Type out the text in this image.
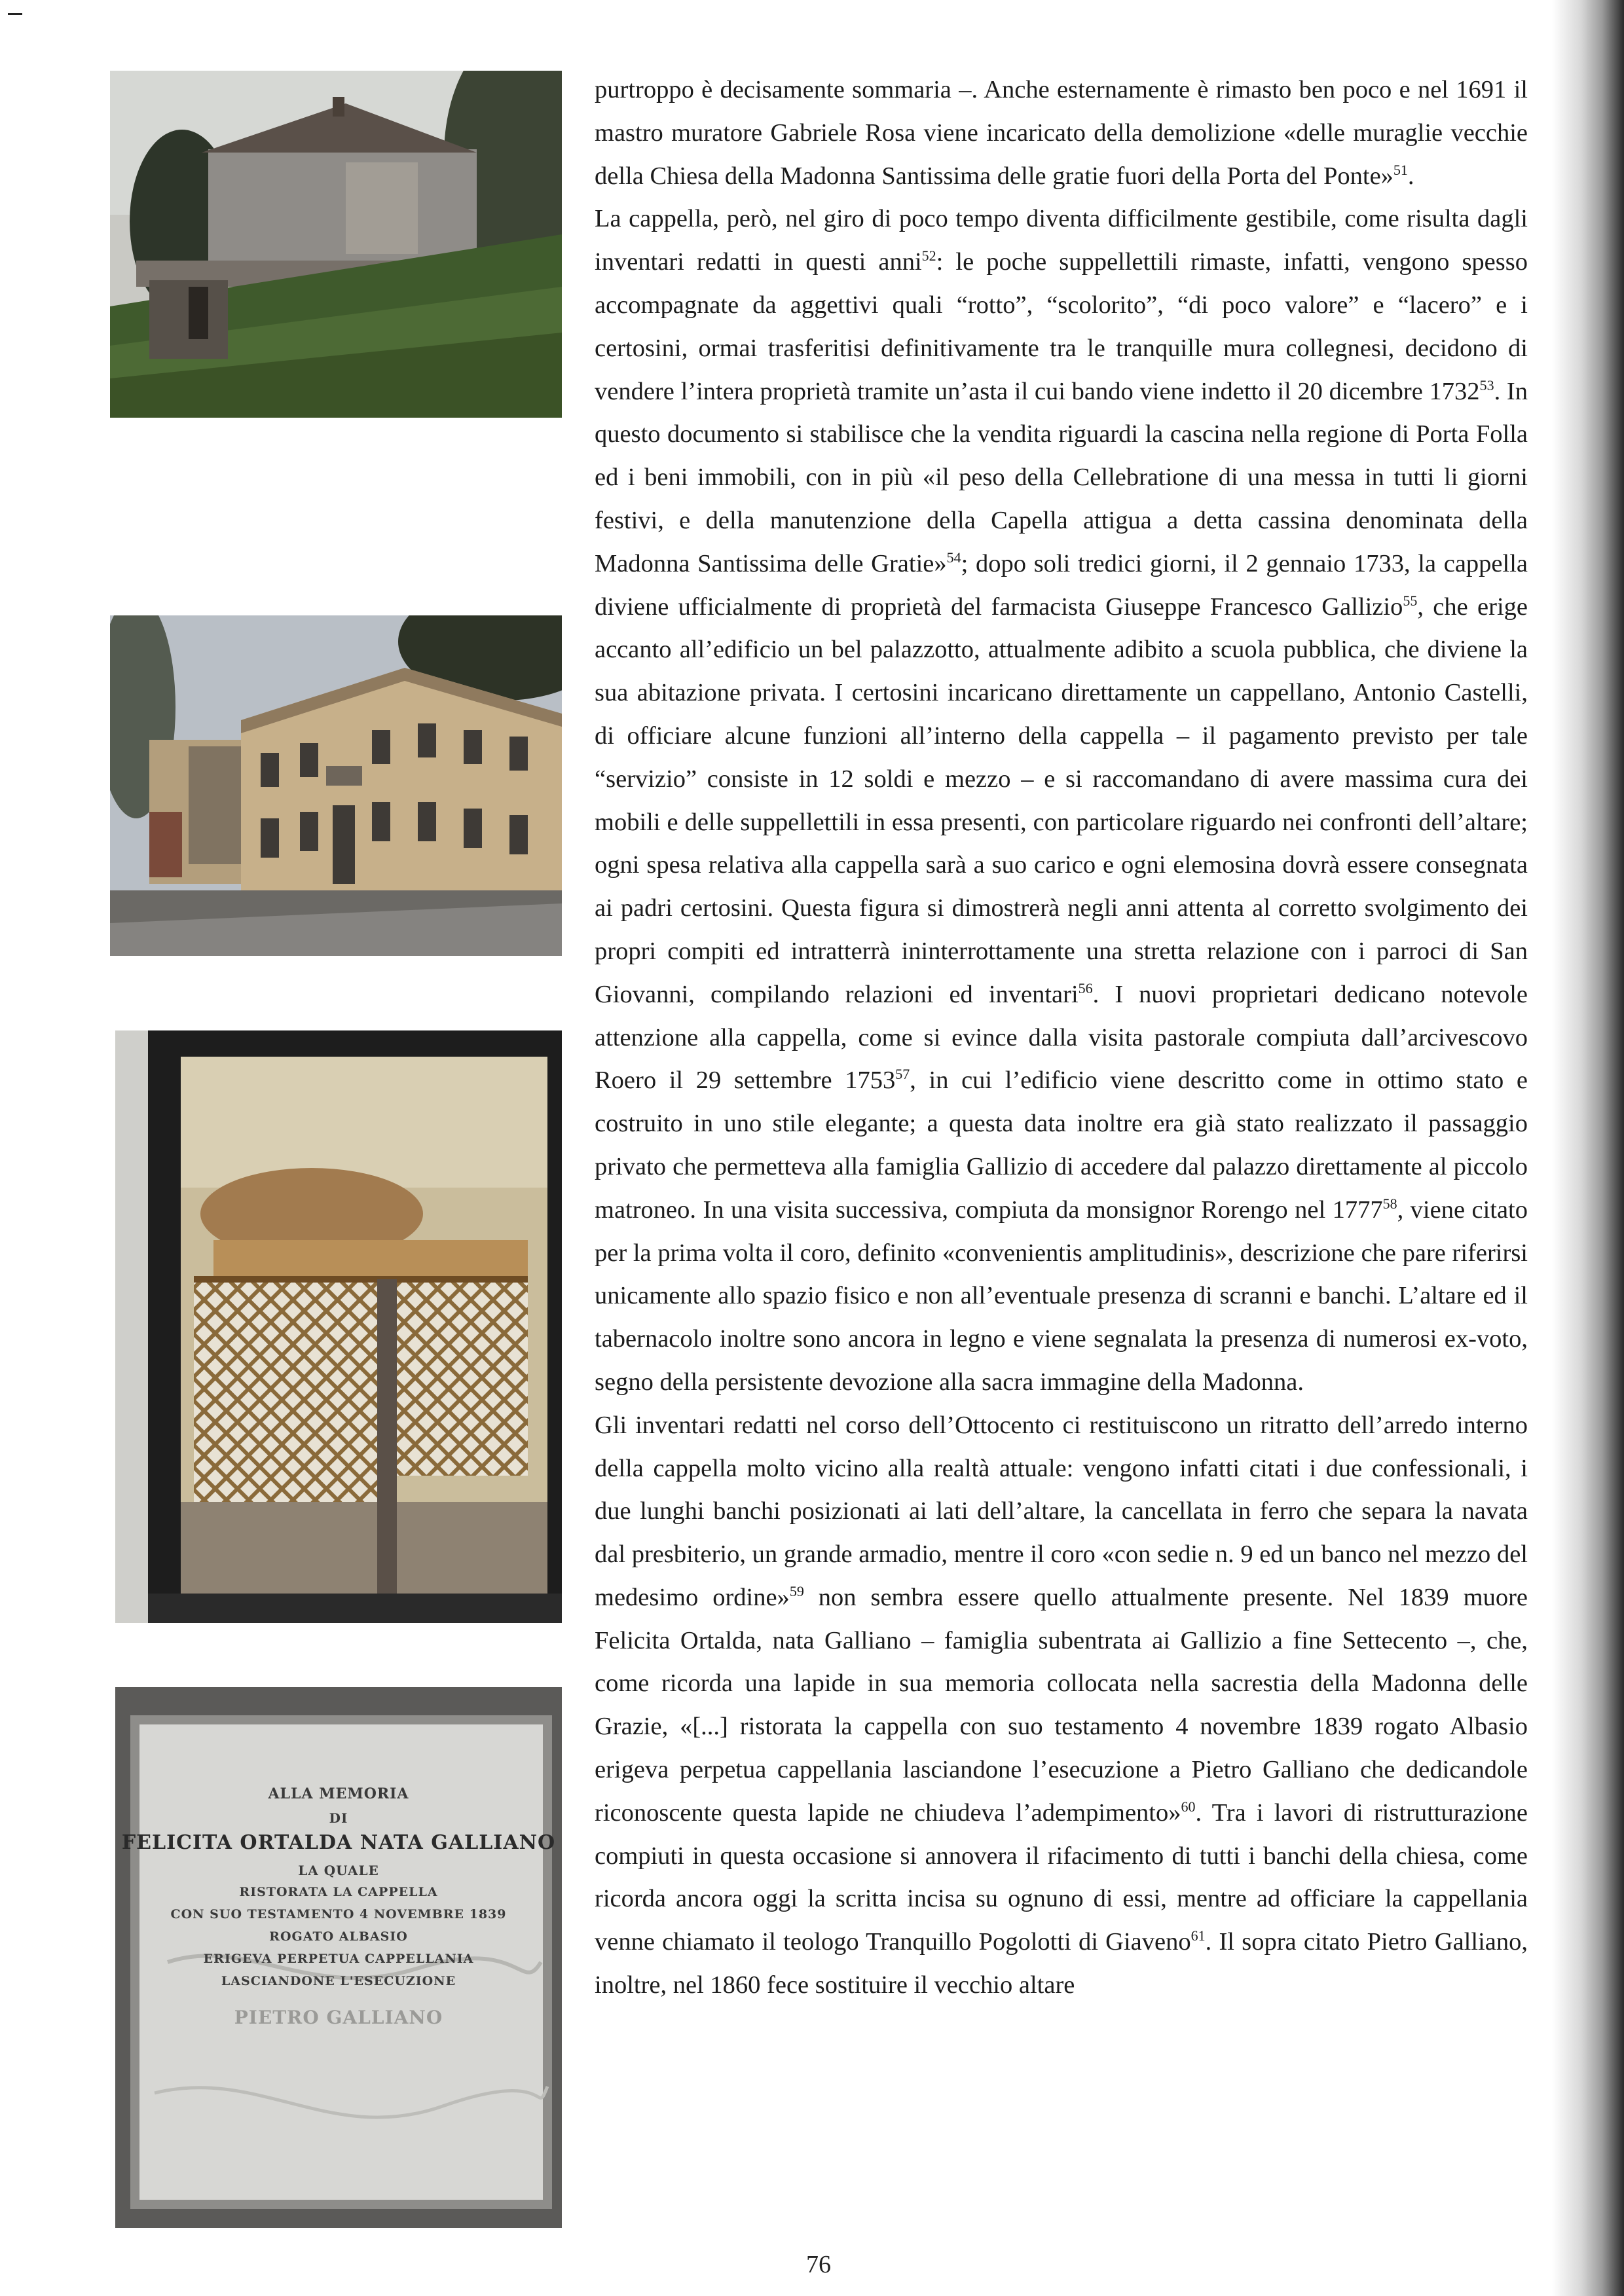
ALLA MEMORIA
DI
FELICITA ORTALDA NATA GALLIANO
LA QUALE
RISTORATA LA CAPPELLA
CON SUO TESTAMENTO 4 NOVEMBRE 1839
ROGATO ALBASIO
ERIGEVA PERPETUA CAPPELLANIA
LASCIANDONE L'ESECUZIONE
PIETRO GALLIANO

purtroppo è decisamente sommaria –. Anche esternamente è rimasto ben poco e nel 1691 il mastro muratore Gabriele Rosa viene incaricato della demolizione «delle muraglie vecchie della Chiesa della Madonna Santissima delle gratie fuori della Porta del Ponte»$^{51}$.

La cappella, però, nel giro di poco tempo diventa difficilmente gestibile, come risulta dagli inventari redatti in questi anni$^{52}$: le poche suppellettili rimaste, infatti, vengono spesso accompagnate da aggettivi quali “rotto”, “scolorito”, “di poco valore” e “lacero” e i certosini, ormai trasferitisi definitivamente tra le tranquille mura collegnesi, decidono di vendere l’intera proprietà tramite un’asta il cui bando viene indetto il 20 dicembre 1732$^{53}$. In questo documento si stabilisce che la vendita riguardi la cascina nella regione di Porta Folla ed i beni immobili, con in più «il peso della Cellebratione di una messa in tutti li giorni festivi, e della manutenzione della Capella attigua a detta cassina denominata della Madonna Santissima delle Gratie»$^{54}$; dopo soli tredici giorni, il 2 gennaio 1733, la cappella diviene ufficialmente di proprietà del farmacista Giuseppe Francesco Gallizio$^{55}$, che erige accanto all’edificio un bel palazzotto, attualmente adibito a scuola pubblica, che diviene la sua abitazione privata. I certosini incaricano direttamente un cappellano, Antonio Castelli, di officiare alcune funzioni all’interno della cappella – il pagamento previsto per tale “servizio” consiste in 12 soldi e mezzo – e si raccomandano di avere massima cura dei mobili e delle suppellettili in essa presenti, con particolare riguardo nei confronti dell’altare; ogni spesa relativa alla cappella sarà a suo carico e ogni elemosina dovrà essere consegnata ai padri certosini. Questa figura si dimostrerà negli anni attenta al corretto svolgimento dei propri compiti ed intratterrà ininterrottamente una stretta relazione con i parroci di San Giovanni, compilando relazioni ed inventari$^{56}$. I nuovi proprietari dedicano notevole attenzione alla cappella, come si evince dalla visita pastorale compiuta dall’arcivescovo Roero il 29 settembre 1753$^{57}$, in cui l’edificio viene descritto come in ottimo stato e costruito in uno stile elegante; a questa data inoltre era già stato realizzato il passaggio privato che permetteva alla famiglia Gallizio di accedere dal palazzo direttamente al piccolo matroneo. In una visita successiva, compiuta da monsignor Rorengo nel 1777$^{58}$, viene citato per la prima volta il coro, definito «convenientis amplitudinis», descrizione che pare riferirsi unicamente allo spazio fisico e non all’eventuale presenza di scranni e banchi. L’altare ed il tabernacolo inoltre sono ancora in legno e viene segnalata la presenza di numerosi ex-voto, segno della persistente devozione alla sacra immagine della Madonna.

Gli inventari redatti nel corso dell’Ottocento ci restituiscono un ritratto dell’arredo interno della cappella molto vicino alla realtà attuale: vengono infatti citati i due confessionali, i due lunghi banchi posizionati ai lati dell’altare, la cancellata in ferro che separa la navata dal presbiterio, un grande armadio, mentre il coro «con sedie n. 9 ed un banco nel mezzo del medesimo ordine»$^{59}$ non sembra essere quello attualmente presente. Nel 1839 muore Felicita Ortalda, nata Galliano – famiglia subentrata ai Gallizio a fine Settecento –, che, come ricorda una lapide in sua memoria collocata nella sacrestia della Madonna delle Grazie, «[...] ristorata la cappella con suo testamento 4 novembre 1839 rogato Albasio erigeva perpetua cappellania lasciandone l’esecuzione a Pietro Galliano che dedicandole riconoscente questa lapide ne chiudeva l’adempimento»$^{60}$. Tra i lavori di ristrutturazione compiuti in questa occasione si annovera il rifacimento di tutti i banchi della chiesa, come ricorda ancora oggi la scritta incisa su ognuno di essi, mentre ad officiare la cappellania venne chiamato il teologo Tranquillo Pogolotti di Giaveno$^{61}$. Il sopra citato Pietro Galliano, inoltre, nel 1860 fece sostituire il vecchio altare

76
